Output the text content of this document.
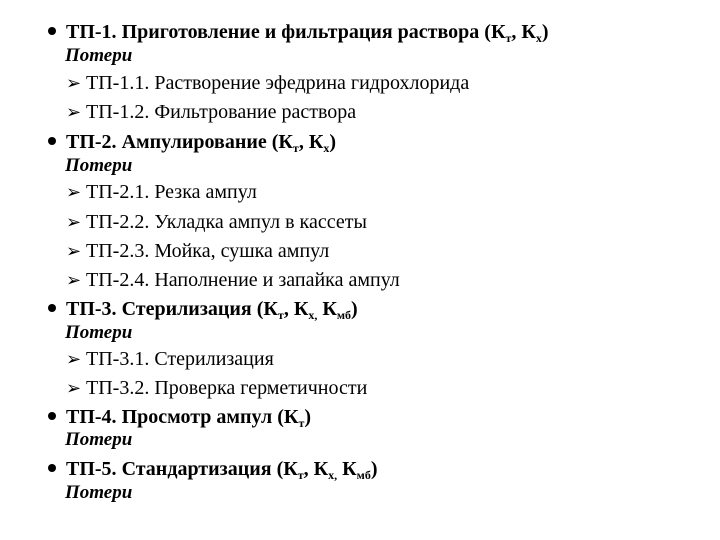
ТП-1. Приготовление и фильтрация раствора ($К_т$, $К_х$)
Потери
➢ ТП-1.1. Растворение эфедрина гидрохлорида
➢ ТП-1.2. Фильтрование раствора
ТП-2. Ампулирование ($К_т$, $К_х$)
Потери
➢ ТП-2.1. Резка ампул
➢ ТП-2.2. Укладка ампул в кассеты
➢ ТП-2.3. Мойка, сушка ампул
➢ ТП-2.4. Наполнение и запайка ампул
ТП-3. Стерилизация ($К_т$, $К_{х,}$ $К_{мб}$)
Потери
➢ ТП-3.1. Стерилизация
➢ ТП-3.2. Проверка герметичности
ТП-4. Просмотр ампул $(К_т)$
Потери
ТП-5. Стандартизация ($К_т$, $К_{х,}$ $К_{мб}$)
Потери
